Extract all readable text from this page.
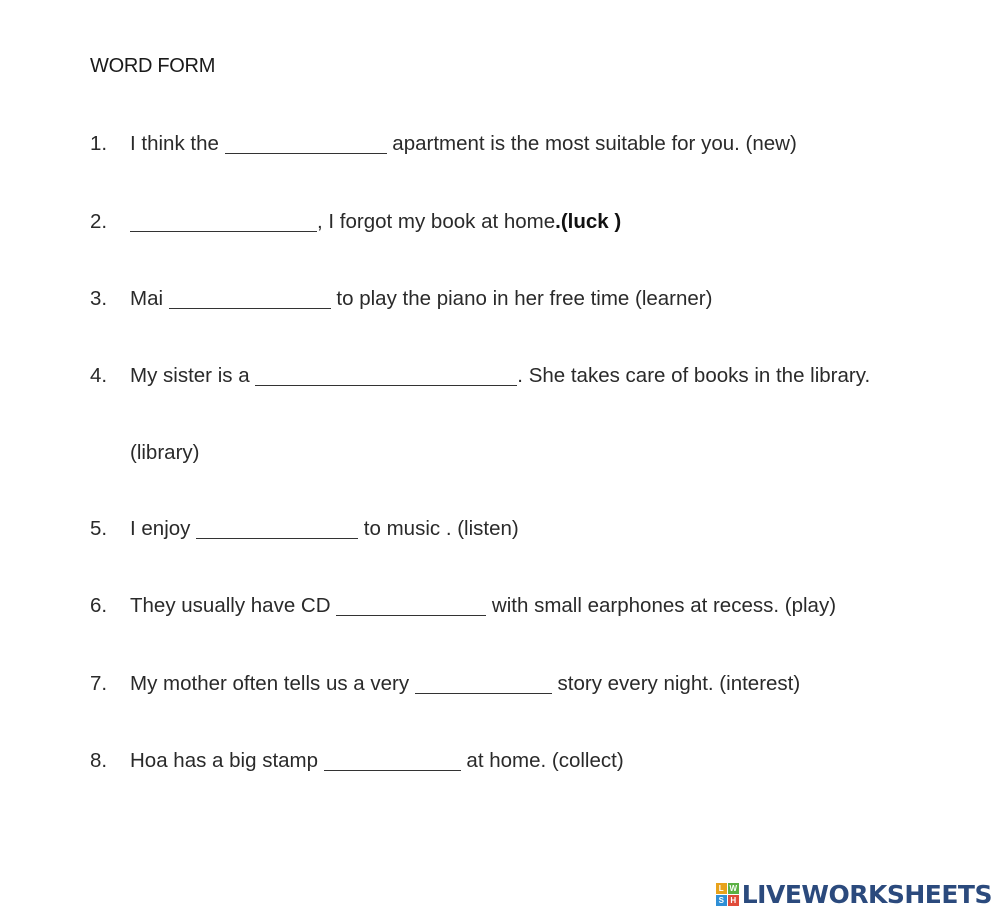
WORD FORM
1. I think the	apartment is the most suitable for you. (new)
2.	, I forgot my book at home.(luck )
3. Mai	to play the piano in her free time (learner)
4. My sister is a	. She takes care of books in the library.
(library)
5. I enjoy	to music . (listen)
6. They usually have CD	with small earphones at recess. (play)
7. My mother often tells us a very	story every night. (interest)
8. Hoa has a big stamp	at home. (collect)
L W
S H LIVEWORKSHEETS
